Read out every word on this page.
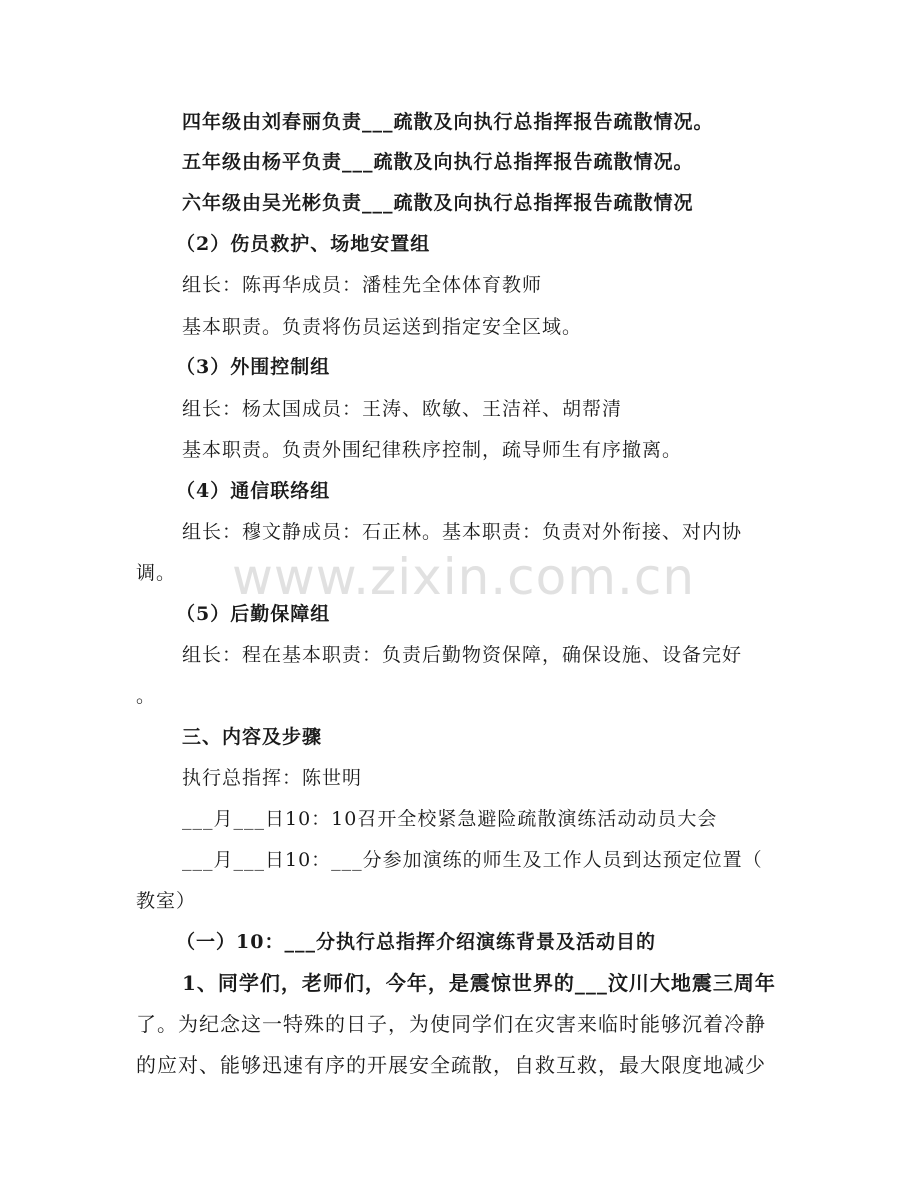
www.zixin.com.cn
四年级由刘春丽负责___疏散及向执行总指挥报告疏散情况。
五年级由杨平负责___疏散及向执行总指挥报告疏散情况。
六年级由吴光彬负责___疏散及向执行总指挥报告疏散情况
（2）伤员救护、场地安置组
组长：陈再华成员：潘桂先全体体育教师
基本职责。负责将伤员运送到指定安全区域。
（3）外围控制组
组长：杨太国成员：王涛、欧敏、王洁祥、胡帮清
基本职责。负责外围纪律秩序控制，疏导师生有序撤离。
（4）通信联络组
组长：穆文静成员：石正林。基本职责：负责对外衔接、对内协
调。
（5）后勤保障组
组长：程在基本职责：负责后勤物资保障，确保设施、设备完好
。
三、内容及步骤
执行总指挥：陈世明
___月___日10：10召开全校紧急避险疏散演练活动动员大会
___月___日10：___分参加演练的师生及工作人员到达预定位置（
教室）
（一）10：___分执行总指挥介绍演练背景及活动目的
1、同学们，老师们，今年，是震惊世界的___汶川大地震三周年
了。为纪念这一特殊的日子，为使同学们在灾害来临时能够沉着冷静
的应对、能够迅速有序的开展安全疏散，自救互救，最大限度地减少
